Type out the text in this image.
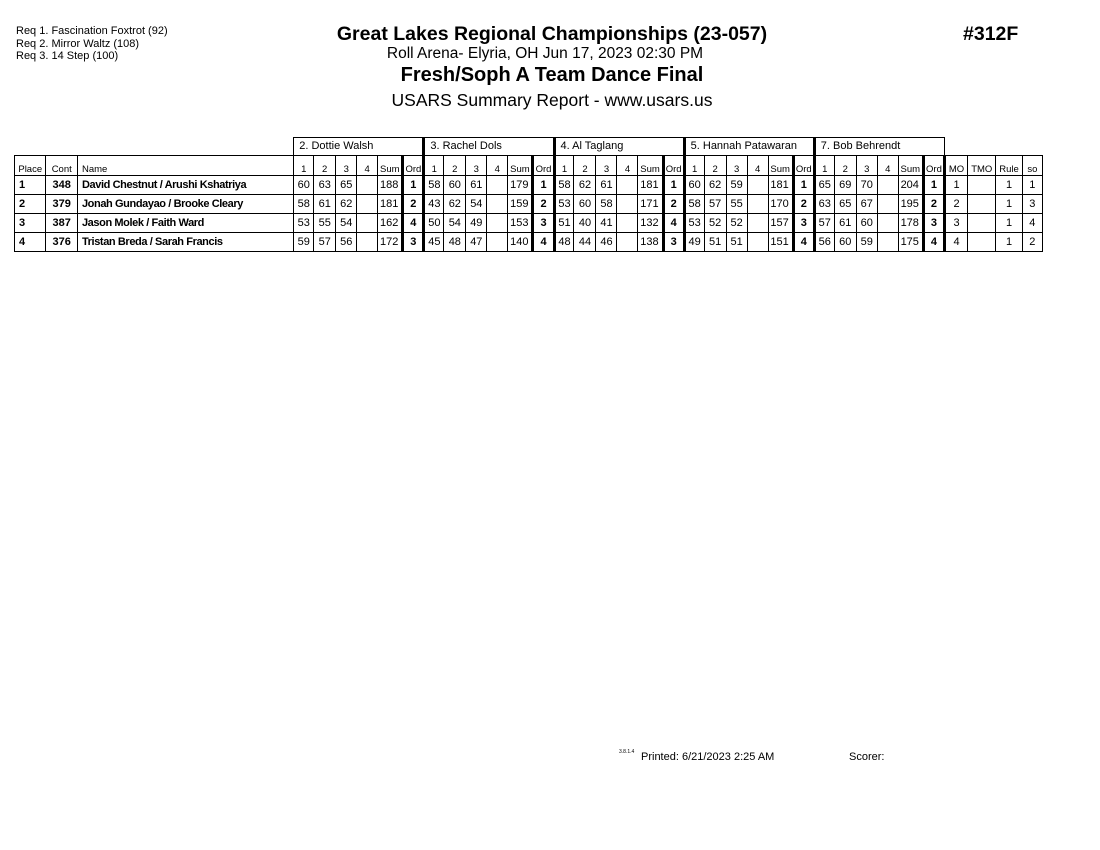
Req 1. Fascination Foxtrot (92)
Req 2. Mirror Waltz (108)
Req 3. 14 Step (100)
Great Lakes Regional Championships (23-057)
Roll Arena- Elyria, OH Jun 17, 2023 02:30 PM
Fresh/Soph A Team Dance Final
USARS Summary Report - www.usars.us
#312F
			2. Dottie Walsh						3. Rachel Dols						4. Al Taglang						5. Hannah Patawaran						7. Bob Behrendt									
Place	Cont	Name	1	2	3	4	Sum	Ord	1	2	3	4	Sum	Ord	1	2	3	4	Sum	Ord	1	2	3	4	Sum	Ord	1	2	3	4	Sum	Ord	MO	TMO	Rule	so
1	348	David Chestnut / Arushi Kshatriya	60	63	65		188	1	58	60	61		179	1	58	62	61		181	1	60	62	59		181	1	65	69	70		204	1	1		1	1
2	379	Jonah Gundayao / Brooke Cleary	58	61	62		181	2	43	62	54		159	2	53	60	58		171	2	58	57	55		170	2	63	65	67		195	2	2		1	3
3	387	Jason Molek / Faith Ward	53	55	54		162	4	50	54	49		153	3	51	40	41		132	4	53	52	52		157	3	57	61	60		178	3	3		1	4
4	376	Tristan Breda / Sarah Francis	59	57	56		172	3	45	48	47		140	4	48	44	46		138	3	49	51	51		151	4	56	60	59		175	4	4		1	2
3.8.1.4 Printed: 6/21/2023 2:25 AM	Scorer:
